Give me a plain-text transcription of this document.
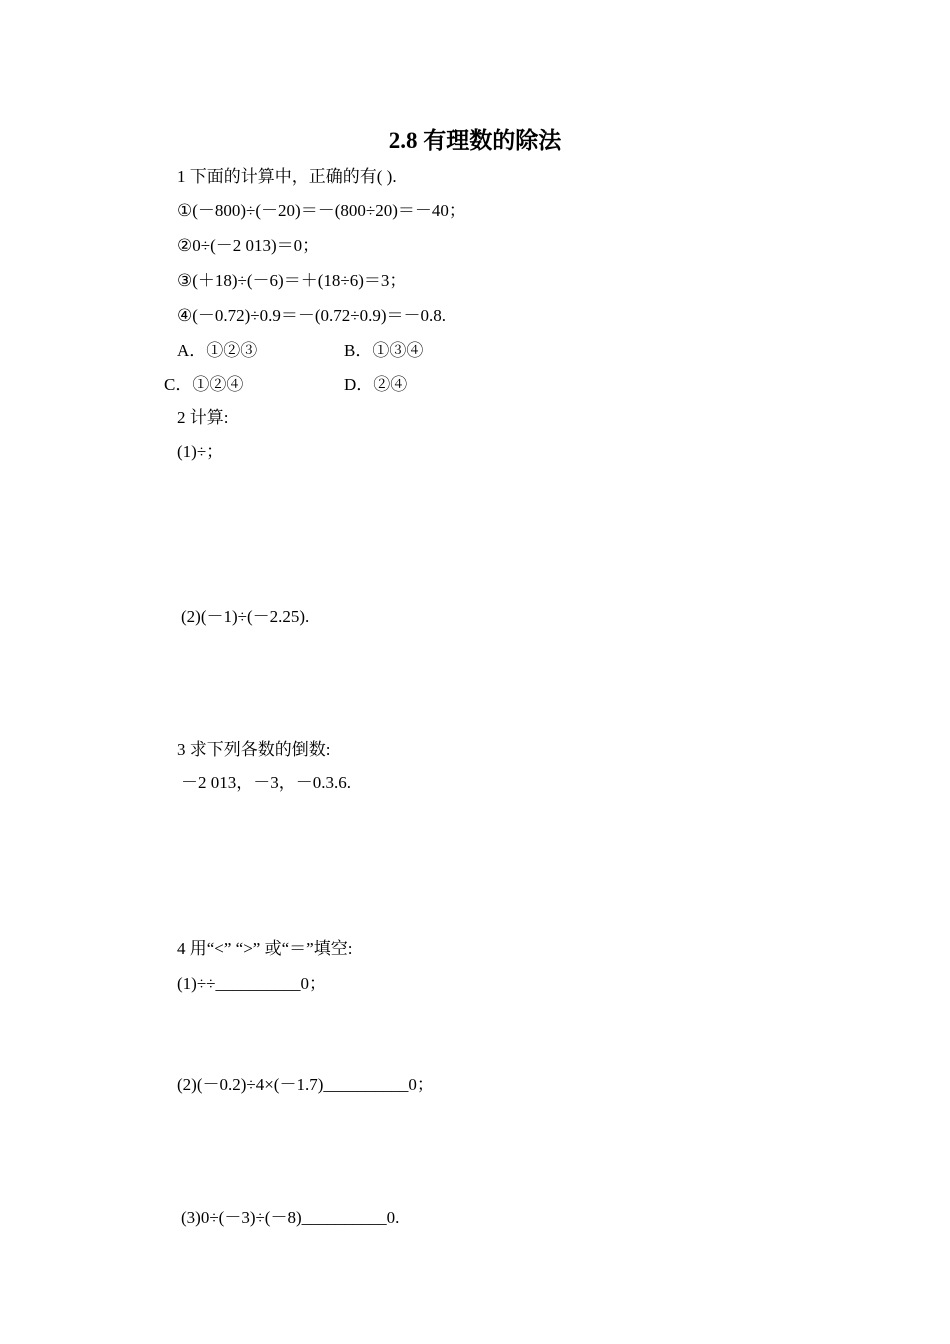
2.8 有理数的除法
1 下面的计算中，正确的有( ).
①(－800)÷(－20)＝－(800÷20)＝－40；
②0÷(－2 013)＝0；
③(＋18)÷(－6)＝＋(18÷6)＝3；
④(－0.72)÷0.9＝－(0.72÷0.9)＝－0.8.
A．①②③	B．①③④
C．①②④	D．②④
2 计算:
(1)÷；
(2)(－1)÷(－2.25).
3 求下列各数的倒数:
－2 013，－3，－0.3.6.
4 用“<” “>” 或“＝”填空:
(1)÷÷__________0；
(2)(－0.2)÷4×(－1.7)__________0；
(3)0÷(－3)÷(－8)__________0.
